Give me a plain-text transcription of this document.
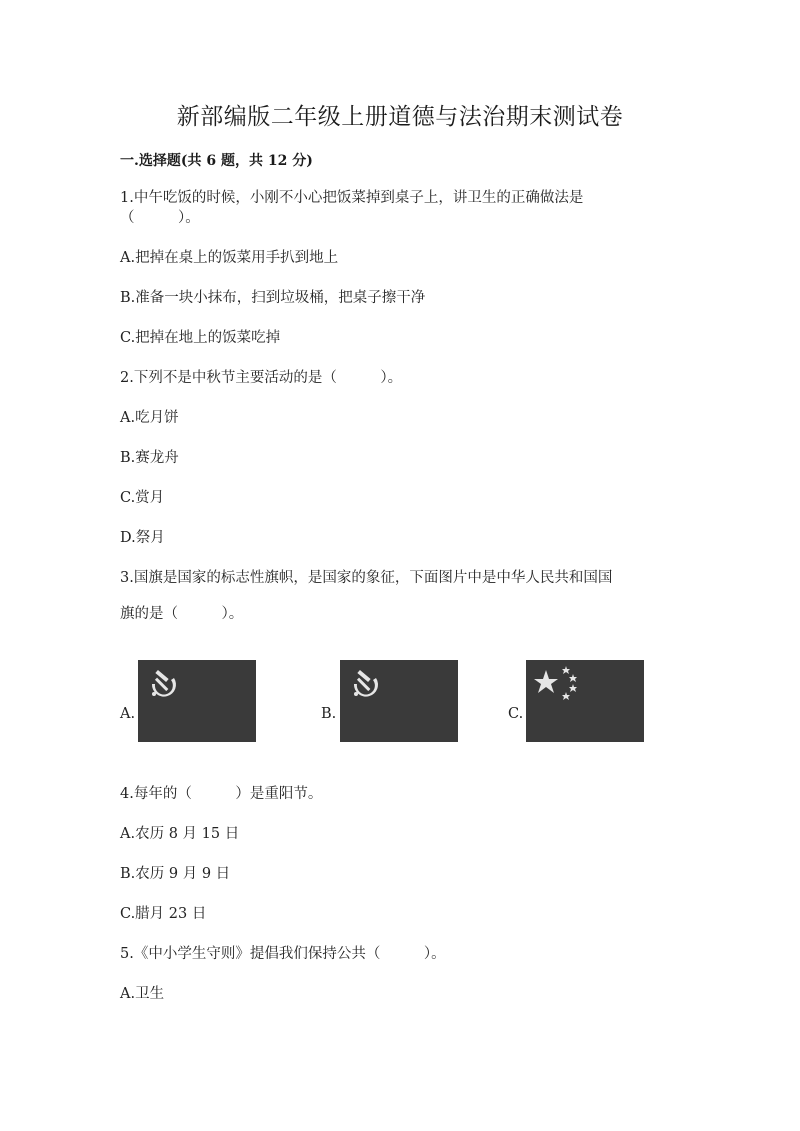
新部编版二年级上册道德与法治期末测试卷
一.选择题(共 6 题，共 12 分)
1.中午吃饭的时候，小刚不小心把饭菜掉到桌子上，讲卫生的正确做法是
（　　　）。
A.把掉在桌上的饭菜用手扒到地上
B.准备一块小抹布，扫到垃圾桶，把桌子擦干净
C.把掉在地上的饭菜吃掉
2.下列不是中秋节主要活动的是（　　　）。
A.吃月饼
B.赛龙舟
C.赏月
D.祭月
3.国旗是国家的标志性旗帜，是国家的象征，下面图片中是中华人民共和国国
旗的是（　　　）。
A.	B.	C.
4.每年的（　　　）是重阳节。
A.农历 8 月 15 日
B.农历 9 月 9 日
C.腊月 23 日
5.《中小学生守则》提倡我们保持公共（　　　）。
A.卫生
